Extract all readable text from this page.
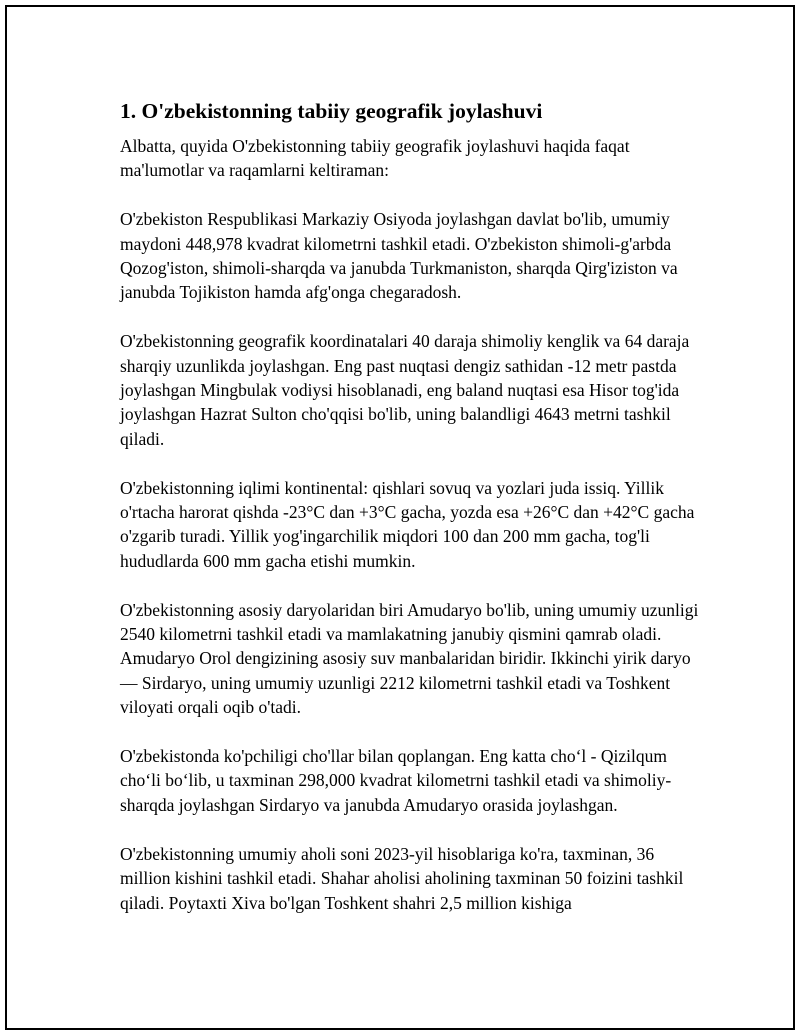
1. O'zbekistonning tabiiy geografik joylashuvi

Albatta, quyida O'zbekistonning tabiiy geografik joylashuvi haqida faqat ma'lumotlar va raqamlarni keltiraman:

O'zbekiston Respublikasi Markaziy Osiyoda joylashgan davlat bo'lib, umumiy maydoni 448,978 kvadrat kilometrni tashkil etadi. O'zbekiston shimoli-g'arbda Qozog'iston, shimoli-sharqda va janubda Turkmaniston, sharqda Qirg'iziston va janubda Tojikiston hamda afg'onga chegaradosh.

O'zbekistonning geografik koordinatalari 40 daraja shimoliy kenglik va 64 daraja sharqiy uzunlikda joylashgan. Eng past nuqtasi dengiz sathidan -12 metr pastda joylashgan Mingbulak vodiysi hisoblanadi, eng baland nuqtasi esa Hisor tog'ida joylashgan Hazrat Sulton cho'qqisi bo'lib, uning balandligi 4643 metrni tashkil qiladi.

O'zbekistonning iqlimi kontinental: qishlari sovuq va yozlari juda issiq. Yillik o'rtacha harorat qishda -23°C dan +3°C gacha, yozda esa +26°C dan +42°C gacha o'zgarib turadi. Yillik yog'ingarchilik miqdori 100 dan 200 mm gacha, tog'li hududlarda 600 mm gacha etishi mumkin.

O'zbekistonning asosiy daryolaridan biri Amudaryo bo'lib, uning umumiy uzunligi 2540 kilometrni tashkil etadi va mamlakatning janubiy qismini qamrab oladi. Amudaryo Orol dengizining asosiy suv manbalaridan biridir. Ikkinchi yirik daryo — Sirdaryo, uning umumiy uzunligi 2212 kilometrni tashkil etadi va Toshkent viloyati orqali oqib o'tadi.

O'zbekistonda ko'pchiligi cho'llar bilan qoplangan. Eng katta cho‘l - Qizilqum cho‘li bo‘lib, u taxminan 298,000 kvadrat kilometrni tashkil etadi va shimoliy-sharqda joylashgan Sirdaryo va janubda Amudaryo orasida joylashgan.

O'zbekistonning umumiy aholi soni 2023-yil hisoblariga ko'ra, taxminan, 36 million kishini tashkil etadi. Shahar aholisi aholining taxminan 50 foizini tashkil qiladi. Poytaxti Xiva bo'lgan Toshkent shahri 2,5 million kishiga
